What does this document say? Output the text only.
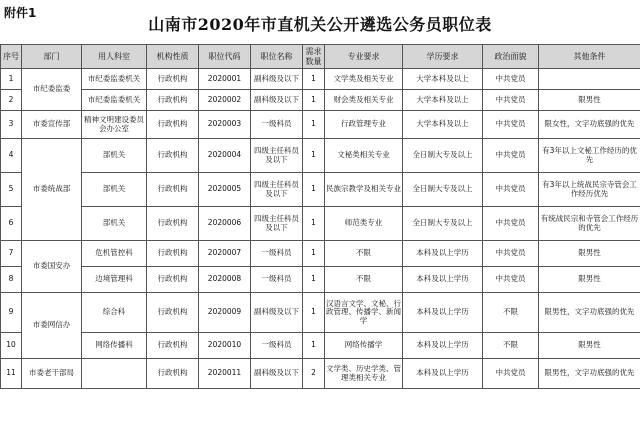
附件1
山南市2020年市直机关公开遴选公务员职位表
序号	部门	用人科室	机构性质	职位代码	职位名称	需求数量	专业要求	学历要求	政治面貌	其他条件
1	市纪委监委	市纪委监委机关	行政机构	2020001	副科级及以下	1	文学类及相关专业	大学本科及以上	中共党员	
2		市纪委监委机关	行政机构	2020002	副科级及以下	1	财会类及相关专业	大学本科及以上	中共党员	限男性
3	市委宣传部	精神文明建设委员会办公室	行政机构	2020003	一级科员	1	行政管理专业	大学本科及以上	中共党员	限女性，文字功底强的优先
4	市委统战部	部机关	行政机构	2020004	四级主任科员及以下	1	文秘类相关专业	全日制大专及以上	中共党员	有3年以上文秘工作经历的优先
5		部机关	行政机构	2020005	四级主任科员及以下	1	民族宗教学及相关专业	全日制大专及以上	中共党员	有3年以上统战民宗寺管会工作经历优先
6		部机关	行政机构	2020006	四级主任科员及以下	1	师范类专业	全日制大专及以上	中共党员	有统战民宗和寺管会工作经历的优先
7	市委国安办	危机管控科	行政机构	2020007	一级科员	1	不限	本科及以上学历	中共党员	限男性
8		边境管理科	行政机构	2020008	一级科员	1	不限	本科及以上学历	中共党员	限男性
9	市委网信办	综合科	行政机构	2020009	副科级及以下	1	汉语言文学、文秘、行政管理、传播学、新闻学	本科及以上学历	不限	限男性，文字功底强的优先
10		网络传播科	行政机构	2020010	一级科员	1	网络传播学	本科及以上学历	不限	限男性
11	市委老干部局		行政机构	2020011	副科级及以下	2	文学类、历史学类、管理类相关专业	本科及以上学历	中共党员	限男性，文字功底强的优先
